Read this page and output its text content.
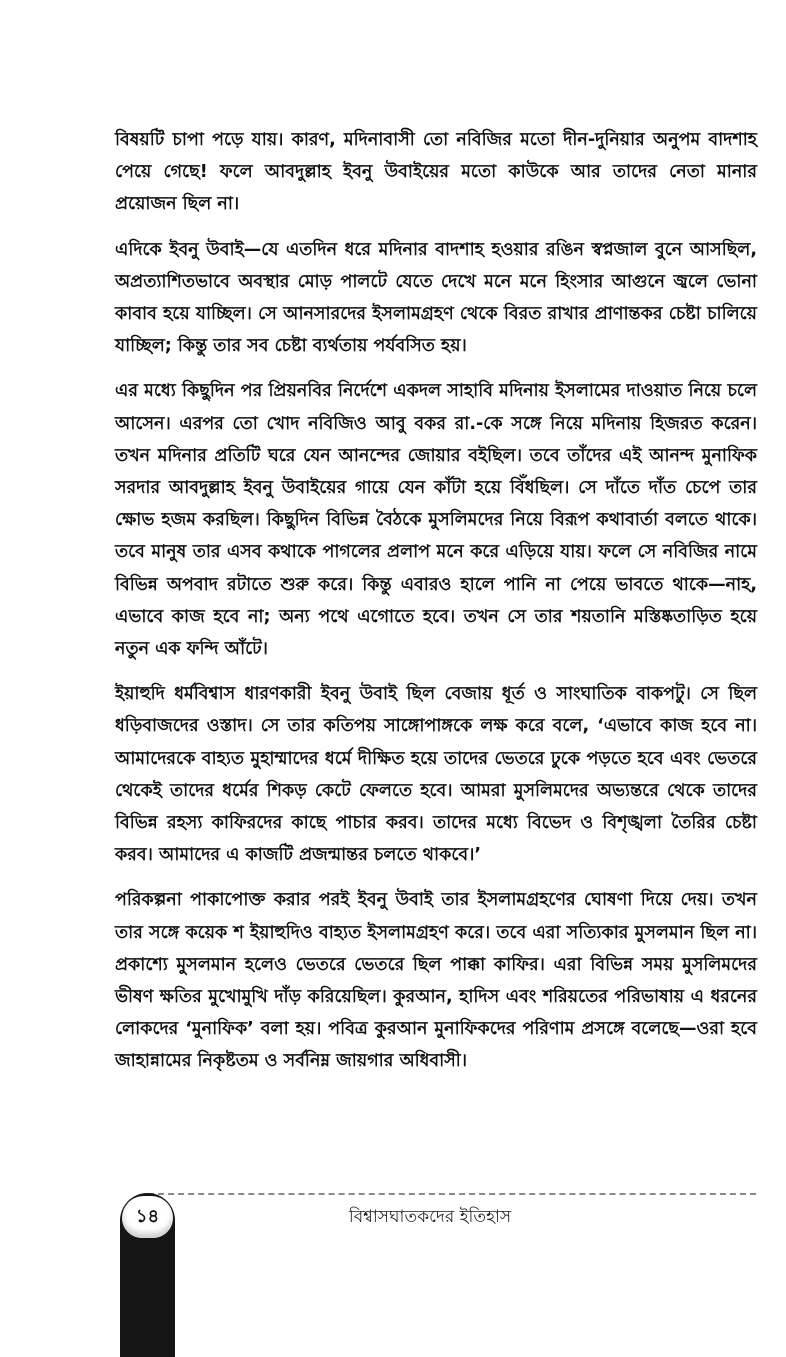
বিষয়টি চাপা পড়ে যায়। কারণ, মদিনাবাসী তো নবিজির মতো দীন-দুনিয়ার অনুপম বাদশাহ পেয়ে গেছে! ফলে আবদুল্লাহ ইবনু উবাইয়ের মতো কাউকে আর তাদের নেতা মানার প্রয়োজন ছিল না।

এদিকে ইবনু উবাই—যে এতদিন ধরে মদিনার বাদশাহ হওয়ার রঙিন স্বপ্নজাল বুনে আসছিল, অপ্রত্যাশিতভাবে অবস্থার মোড় পালটে যেতে দেখে মনে মনে হিংসার আগুনে জ্বলে ভোনা কাবাব হয়ে যাচ্ছিল। সে আনসারদের ইসলামগ্রহণ থেকে বিরত রাখার প্রাণান্তকর চেষ্টা চালিয়ে যাচ্ছিল; কিন্তু তার সব চেষ্টা ব্যর্থতায় পর্যবসিত হয়।

এর মধ্যে কিছুদিন পর প্রিয়নবির নির্দেশে একদল সাহাবি মদিনায় ইসলামের দাওয়াত নিয়ে চলে আসেন। এরপর তো খোদ নবিজিও আবু বকর রা.-কে সঙ্গে নিয়ে মদিনায় হিজরত করেন। তখন মদিনার প্রতিটি ঘরে যেন আনন্দের জোয়ার বইছিল। তবে তাঁদের এই আনন্দ মুনাফিক সরদার আবদুল্লাহ ইবনু উবাইয়ের গায়ে যেন কাঁটা হয়ে বিঁধছিল। সে দাঁতে দাঁত চেপে তার ক্ষোভ হজম করছিল। কিছুদিন বিভিন্ন বৈঠকে মুসলিমদের নিয়ে বিরূপ কথাবার্তা বলতে থাকে। তবে মানুষ তার এসব কথাকে পাগলের প্রলাপ মনে করে এড়িয়ে যায়। ফলে সে নবিজির নামে বিভিন্ন অপবাদ রটাতে শুরু করে। কিন্তু এবারও হালে পানি না পেয়ে ভাবতে থাকে—নাহ, এভাবে কাজ হবে না; অন্য পথে এগোতে হবে। তখন সে তার শয়তানি মস্তিষ্কতাড়িত হয়ে নতুন এক ফন্দি আঁটে।

ইয়াহুদি ধর্মবিশ্বাস ধারণকারী ইবনু উবাই ছিল বেজায় ধূর্ত ও সাংঘাতিক বাকপটু। সে ছিল ধড়িবাজদের ওস্তাদ। সে তার কতিপয় সাঙ্গোপাঙ্গকে লক্ষ করে বলে, ‘এভাবে কাজ হবে না। আমাদেরকে বাহ্যত মুহাম্মাদের ধর্মে দীক্ষিত হয়ে তাদের ভেতরে ঢুকে পড়তে হবে এবং ভেতরে থেকেই তাদের ধর্মের শিকড় কেটে ফেলতে হবে। আমরা মুসলিমদের অভ্যন্তরে থেকে তাদের বিভিন্ন রহস্য কাফিরদের কাছে পাচার করব। তাদের মধ্যে বিভেদ ও বিশৃঙ্খলা তৈরির চেষ্টা করব। আমাদের এ কাজটি প্রজন্মান্তর চলতে থাকবে।’

পরিকল্পনা পাকাপোক্ত করার পরই ইবনু উবাই তার ইসলামগ্রহণের ঘোষণা দিয়ে দেয়। তখন তার সঙ্গে কয়েক শ ইয়াহুদিও বাহ্যত ইসলামগ্রহণ করে। তবে এরা সত্যিকার মুসলমান ছিল না। প্রকাশ্যে মুসলমান হলেও ভেতরে ভেতরে ছিল পাক্কা কাফির। এরা বিভিন্ন সময় মুসলিমদের ভীষণ ক্ষতির মুখোমুখি দাঁড় করিয়েছিল। কুরআন, হাদিস এবং শরিয়তের পরিভাষায় এ ধরনের লোকদের ‘মুনাফিক’ বলা হয়। পবিত্র কুরআন মুনাফিকদের পরিণাম প্রসঙ্গে বলেছে—ওরা হবে জাহান্নামের নিকৃষ্টতম ও সর্বনিম্ন জায়গার অধিবাসী।

১৪	বিশ্বাসঘাতকদের ইতিহাস
